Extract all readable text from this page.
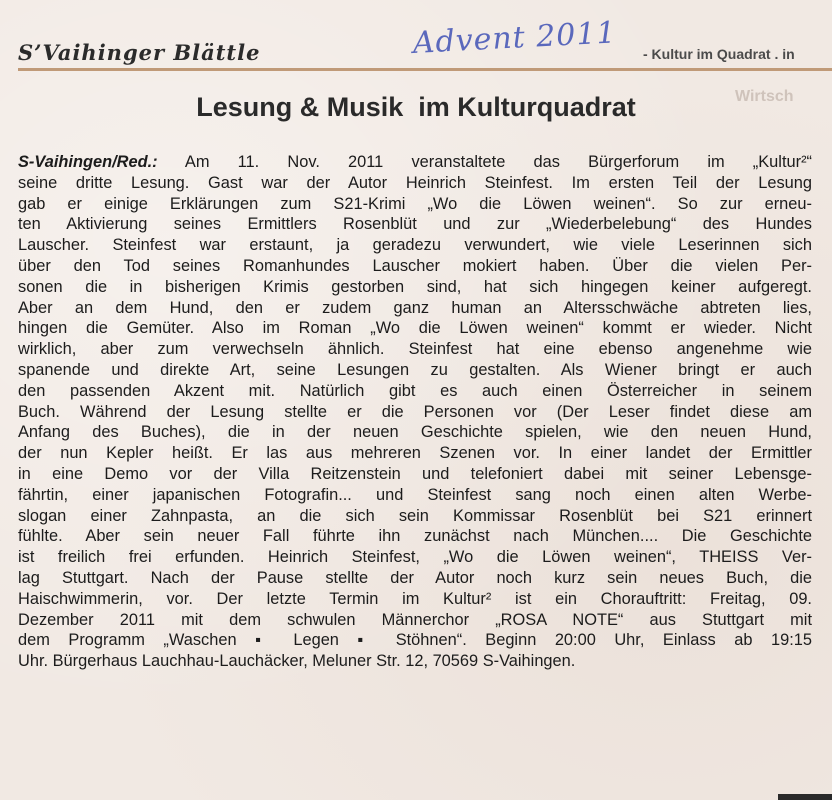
S’Vaihinger Blättle	Advent 2011 - Kultur im Quadrat . in
Wirtsch
Lesung & Musik  im Kulturquadrat
S-Vaihingen/Red.: Am 11. Nov. 2011 veranstaltete das Bürgerforum im „Kultur²“
seine dritte Lesung. Gast war der Autor Heinrich Steinfest. Im ersten Teil der Lesung
gab er einige Erklärungen zum S21-Krimi „Wo die Löwen weinen“. So zur erneu-
ten Aktivierung seines Ermittlers Rosenblüt und zur „Wiederbelebung“ des Hundes
Lauscher. Steinfest war erstaunt, ja geradezu verwundert, wie viele Leserinnen sich
über den Tod seines Romanhundes Lauscher mokiert haben. Über die vielen Per-
sonen die in bisherigen Krimis gestorben sind, hat sich hingegen keiner aufgeregt.
Aber an dem Hund, den er zudem ganz human an Altersschwäche abtreten lies,
hingen die Gemüter. Also im Roman „Wo die Löwen weinen“ kommt er wieder. Nicht
wirklich, aber zum verwechseln ähnlich. Steinfest hat eine ebenso angenehme wie
spanende und direkte Art, seine Lesungen zu gestalten. Als Wiener bringt er auch
den passenden Akzent mit. Natürlich gibt es auch einen Österreicher in seinem
Buch. Während der Lesung stellte er die Personen vor (Der Leser findet diese am
Anfang des Buches), die in der neuen Geschichte spielen, wie den neuen Hund,
der nun Kepler heißt. Er las aus mehreren Szenen vor. In einer landet der Ermittler
in eine Demo vor der Villa Reitzenstein und telefoniert dabei mit seiner Lebensge-
fährtin, einer japanischen Fotografin... und Steinfest sang noch einen alten Werbe-
slogan einer Zahnpasta, an die sich sein Kommissar Rosenblüt bei S21 erinnert
fühlte. Aber sein neuer Fall führte ihn zunächst nach München.... Die Geschichte
ist freilich frei erfunden. Heinrich Steinfest, „Wo die Löwen weinen“, THEISS Ver-
lag Stuttgart. Nach der Pause stellte der Autor noch kurz sein neues Buch, die
Haischwimmerin, vor. Der letzte Termin im Kultur² ist ein Chorauftritt: Freitag, 09.
Dezember 2011 mit dem schwulen Männerchor „ROSA NOTE“ aus Stuttgart mit
dem Programm „Waschen ▪ Legen ▪ Stöhnen“. Beginn 20:00 Uhr, Einlass ab 19:15
Uhr. Bürgerhaus Lauchhau-Lauchäcker, Meluner Str. 12, 70569 S-Vaihingen.
